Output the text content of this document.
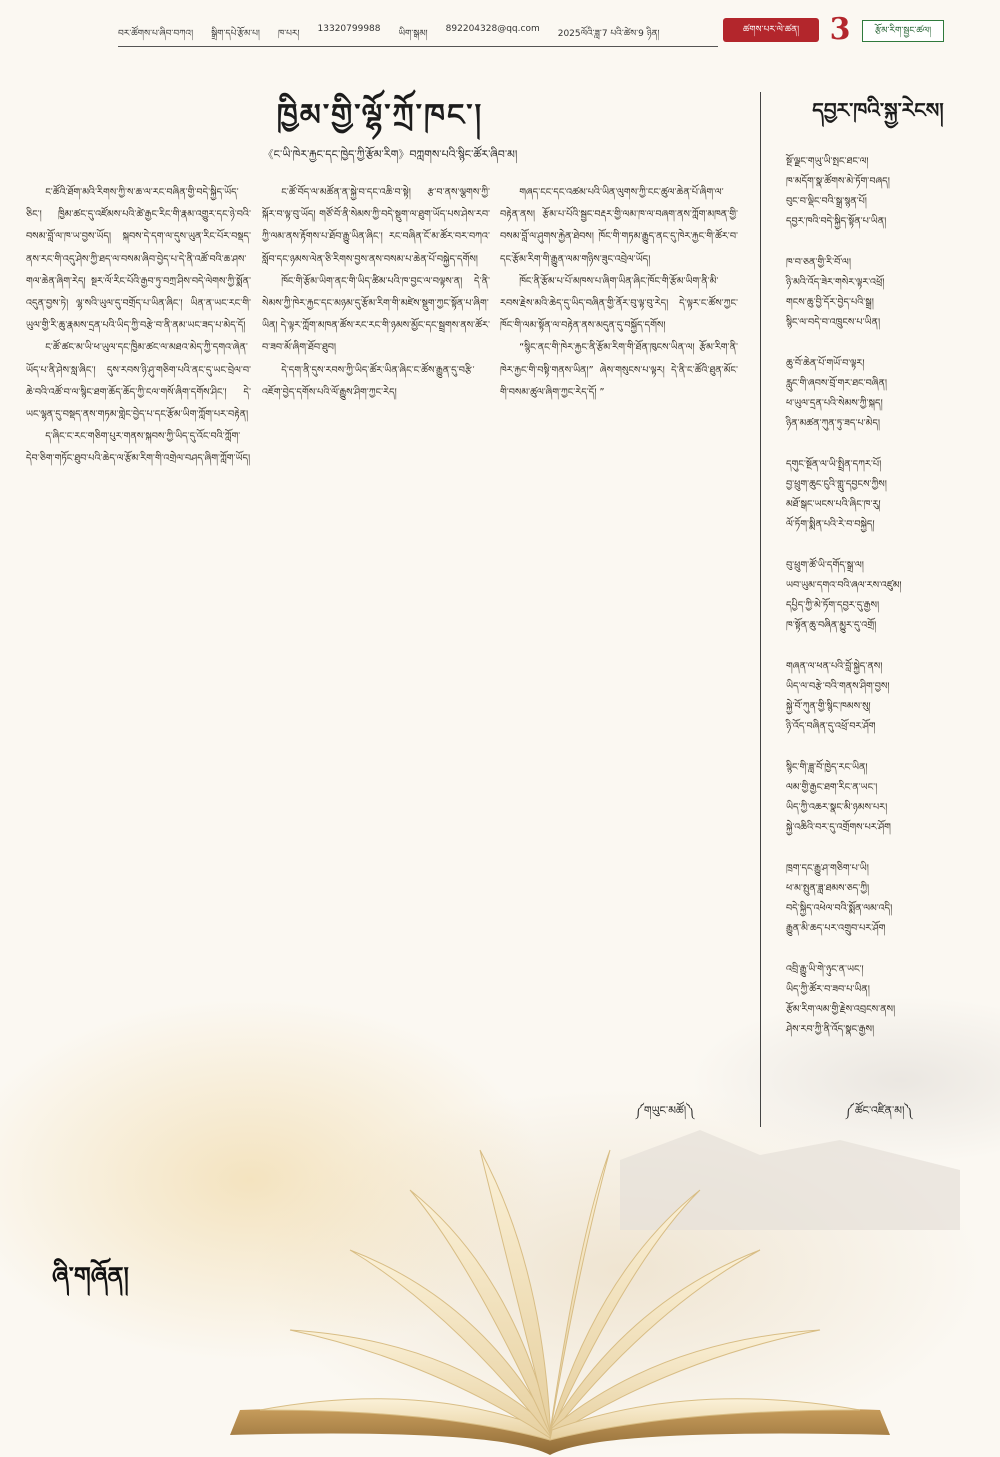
བར་ཚོགས་པ་ཞིབ་བཀའ། སྒྲིག་དཔེ་རྩོམ་པ། ཁ་པར། 13320799988 ཡིག་སྒམ། 892204328@qq.com 2025ལོའི་ཟླ་7 པའི་ཚེས་9 ཉིན།	ཚགས་པར་ལེ་ཚན།	3	རྩོམ་རིག་སྦྱང་ཚལ།
ཁྱིམ་གྱི་ལྷོ་ཀྲོ་ཁང་།
《ང་ཡི་ཁེར་རྐྱང་དང་ཁྱེད་ཀྱི་རྩོམ་རིག》བཀླགས་པའི་སྙིང་ཚོར་ཞིབ་མ།

ང་ཚོའི་ཐོག་མའི་རིགས་ཀྱི་ས་ཆ་ལ་རང་བཞིན་གྱི་བདེ་སྐྱིད་ཡོད་ཅིང་། ཁྱིམ་ཚང་དུ་འཛོམས་པའི་ཚེ་རྒྱང་རིང་གི་རྣམ་འགྱུར་དང་ཉེ་བའི་བསམ་བློ་ལ་ཁ་ཡ་བྱས་ཡོད། སྐབས་དེ་དག་ལ་དུས་ཡུན་རིང་པོར་བསྡད་ནས་རང་གི་འདུ་ཤེས་ཀྱི་ཐད་ལ་བསམ་ཞིབ་བྱེད་པ་དེ་ནི་འཚོ་བའི་ཆ་ཤས་གལ་ཆེན་ཞིག་རེད། སྔར་ལོ་རིང་པོའི་རྒྱབ་ཏུ་བཀྲ་ཤིས་བདེ་ལེགས་ཀྱི་སྨོན་འདུན་བྱས་ཏེ། ལྷ་སའི་ཡུལ་དུ་བགྲོད་པ་ཡིན་ཞིང་། ཡིན་ན་ཡང་རང་གི་ཡུལ་གྱི་རི་ཆུ་རྣམས་དྲན་པའི་ཡིད་ཀྱི་བརྩེ་བ་ནི་ནམ་ཡང་ཟད་པ་མེད་དོ།

ང་ཚོ་ཚང་མ་ཡི་ཕ་ཡུལ་དང་ཁྱིམ་ཚང་ལ་མཐའ་མེད་ཀྱི་དགའ་ཞེན་ཡོད་པ་ནི་ཤེས་སླ་ཞིང་། དུས་རབས་ཉི་ཤུ་གཅིག་པའི་ནང་དུ་ཡང་བྲེལ་བ་ཆེ་བའི་འཚོ་བ་ལ་སྙིང་ཐག་ཆོད་ཆོད་ཀྱི་ངལ་གསོ་ཞིག་དགོས་ཤིང་། དེ་ཡང་ལྷན་དུ་བསྡད་ནས་གཏམ་གླེང་བྱེད་པ་དང་རྩོམ་ཡིག་ཀློག་པར་བརྟེན།

ད་ཞིང་ང་རང་གཅིག་པུར་གནས་སྐབས་ཀྱི་ཡིད་དུ་འོང་བའི་ཀློག་དེབ་ཅིག་གཏོང་ཐུབ་པའི་ཆེད་ལ་རྩོམ་རིག་གི་འགྲེལ་བཤད་ཞིག་ཀློག་ཡོད།

ང་ཚོ་བོད་ལ་མཚོན་ན་སྐྱེ་བ་དང་འཆི་བ་སྟེ། རྩ་བ་ནས་ལྕགས་ཀྱི་སྐོར་བ་ལྟ་བུ་ཡོད། གཙོ་བོ་ནི་སེམས་ཀྱི་བདེ་སྡུག་ལ་ཐུག་ཡོད་པས་ཤེས་རབ་ཀྱི་ལམ་ནས་རྟོགས་པ་ཐོབ་རྒྱུ་ཡིན་ཞིང་། རང་བཞིན་ངོ་མ་ཚོར་བར་བཀའ་སློབ་དང་ཉམས་ལེན་ཅི་རིགས་བྱས་ནས་བསམ་པ་ཆེན་པོ་བསྐྱེད་དགོས།

ཁོང་གི་རྩོམ་ཡིག་ནང་གི་ཡིད་ཚིམ་པའི་ཁ་བྱང་ལ་བལྟས་ན། དེ་ནི་སེམས་ཀྱི་ཁེར་རྐྱང་དང་མཉམ་དུ་རྩོམ་རིག་གི་མཛེས་སྡུག་ཀྱང་སྟོན་པ་ཞིག་ཡིན། དེ་ལྟར་ཀློག་མཁན་ཚོས་རང་རང་གི་ཉམས་མྱོང་དང་སྦྲགས་ནས་ཚོར་བ་ཟབ་མོ་ཞིག་ཐོབ་ཐུབ།

དེ་དག་ནི་དུས་རབས་ཀྱི་ཡིད་ཚོར་ཡིན་ཞིང་ང་ཚོས་རྒྱུན་དུ་བརྩི་འཇོག་བྱེད་དགོས་པའི་ལོ་རྒྱུས་ཤིག་ཀྱང་རེད།

གཞད་ངང་དང་འཚམ་པའི་ཡིན་ལུགས་ཀྱི་ངང་ཚུལ་ཆེན་པོ་ཞིག་ལ་བརྟེན་ནས། རྩོམ་པ་པོའི་སྦྱང་བརྡར་གྱི་ལམ་ཁ་ལ་བཞག་ནས་ཀློག་མཁན་གྱི་བསམ་བློ་ལ་ཤུགས་རྐྱེན་ཐེབས། ཁོང་གི་གཏམ་རྒྱུད་ནང་དུ་ཁེར་རྐྱང་གི་ཚོར་བ་དང་རྩོམ་རིག་གི་རྒྱུན་ལམ་གཉིས་ཟུང་འབྲེལ་ཡོད།

ཁོང་ནི་རྩོམ་པ་པོ་མཁས་པ་ཞིག་ཡིན་ཞིང་ཁོང་གི་རྩོམ་ཡིག་ནི་མི་རབས་རྗེས་མའི་ཆེད་དུ་ཡིད་བཞིན་གྱི་ནོར་བུ་ལྟ་བུ་རེད། དེ་ལྟར་ང་ཚོས་ཀྱང་ཁོང་གི་ལམ་སྟོན་ལ་བརྟེན་ནས་མདུན་དུ་བསྐྱོད་དགོས།

“སྙིང་ནང་གི་ཁེར་རྐྱང་ནི་རྩོམ་རིག་གི་ཐོན་ཁུངས་ཡིན་ལ། རྩོམ་རིག་ནི་ཁེར་རྐྱང་གི་བསྟི་གནས་ཡིན།” ཞེས་གསུངས་པ་ལྟར། དེ་ནི་ང་ཚོའི་ཐུན་མོང་གི་བསམ་ཚུལ་ཞིག་ཀྱང་རེད་དོ། ”

༼གཡུང་མཚོ།༽
དབྱར་ཁའི་སྐྱ་རེངས།
སྔོ་ལྗང་གཡུ་ཡི་སྤང་ཐང་ལ།
ཁ་མདོག་སྣ་ཚོགས་མེ་ཏོག་བཞད།
བུང་བ་ལྡིང་བའི་སྒྲ་སྙན་པོ།
དབྱར་ཁའི་བདེ་སྐྱིད་སྟོན་པ་ཡིན།
ཁ་བ་ཅན་གྱི་རི་བོ་ལ།
ཉི་མའི་འོད་ཟེར་གསེར་ལྟར་འཕྲོ།
གངས་ཆུ་བྱི་དོར་བྱེད་པའི་སྒྲ།
སྙིང་ལ་བདེ་བ་འཁྲུངས་པ་ཡིན།
ཆུ་བོ་ཆེན་པོ་གཡོ་བ་ལྟར།
རླུང་གི་ཞབས་བྲོ་གར་ཐང་བཞིན།
ཕ་ཡུལ་དྲན་པའི་སེམས་ཀྱི་སྐད།
ཉིན་མཚན་ཀུན་ཏུ་ཟད་པ་མེད།
དགུང་སྔོན་ལ་ཡི་སྤྲིན་དཀར་པོ།
བྱ་ཕྲུག་ཆུང་ངུའི་གླུ་དབྱངས་ཀྱིས།
མཐོ་སྒང་ཡངས་པའི་ཞིང་ཁ་རུ།
ལོ་ཏོག་སྨིན་པའི་རེ་བ་བསྐྱེད།
བུ་ཕྲུག་ཚོ་ཡི་དགོད་སྒྲ་ལ།
ཡབ་ཡུམ་དགའ་བའི་ཞལ་རས་འཛུམ།
དཔྱིད་ཀྱི་མེ་ཏོག་དབྱར་དུ་རྒྱས།
ཁ་སྟོན་ཆུ་བཞིན་མྱུར་དུ་འགྲོ།
གཞན་ལ་ཕན་པའི་བློ་སྐྱེད་ནས།
ཡིད་ལ་བརྩེ་བའི་གནས་ཤིག་བྱས།
སྐྱེ་བོ་ཀུན་གྱི་སྙིང་ཁམས་སུ།
ཉི་འོད་བཞིན་དུ་འཕྲོ་བར་ཤོག
སྙིང་གི་ཟླ་བོ་ཁྱེད་རང་ཡིན།
ལམ་གྱི་རྒྱང་ཐག་རིང་ན་ཡང་།
ཡིད་ཀྱི་འཆར་སྣང་མི་ཉམས་པར།
སྐྱེ་འཆིའི་བར་དུ་འགྲོགས་པར་ཤོག
ཁྲག་དང་རྒྱུ་ཤ་གཅིག་པ་ཡི།
ཕ་མ་སྤུན་ཟླ་ཐམས་ཅད་ཀྱི།
བདེ་སྐྱིད་འཕེལ་བའི་སྨོན་ལམ་འདི།
རྒྱུན་མི་ཆད་པར་འགྲུབ་པར་ཤོག
འབྲི་རྒྱུ་ཡི་གེ་ཉུང་ན་ཡང་།
ཡིད་ཀྱི་ཚོར་བ་ཟབ་པ་ཡིན།
རྩོམ་རིག་ལམ་གྱི་རྗེས་འབྲངས་ནས།
ཤེས་རབ་ཀྱི་ནི་འོད་སྣང་རྒྱས།
༼ཚོང་འཛིན་མ།༽
ཞི་གཞོན།
